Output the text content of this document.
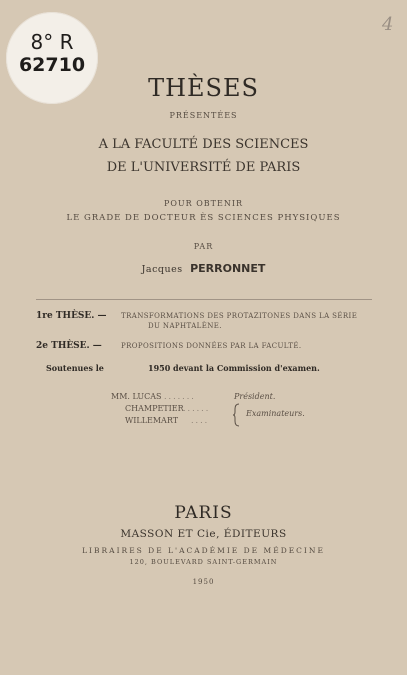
8° R
62710
4
THÈSES
PRÉSENTÉES
A LA FACULTÉ DES SCIENCES
DE L'UNIVERSITÉ DE PARIS
POUR OBTENIR
LE GRADE DE DOCTEUR ÈS SCIENCES PHYSIQUES
PAR
Jacques PERRONNET
1re THÈSE. — TRANSFORMATIONS DES PROTAZITONES DANS LA SÉRIE
DU NAPHTALÈNE.
2e THÈSE. —	PROPOSITIONS DONNÉES PAR LA FACULTÉ.
Soutenues le	1950 devant la Commission d'examen.
MM. LUCAS
CHAMPETIER
WILLEMART
.......
......
....
Président.
Examinateurs.
PARIS
MASSON ET Cie, ÉDITEURS
LIBRAIRES DE L'ACADÉMIE DE MÉDECINE
120, BOULEVARD SAINT-GERMAIN
1950
